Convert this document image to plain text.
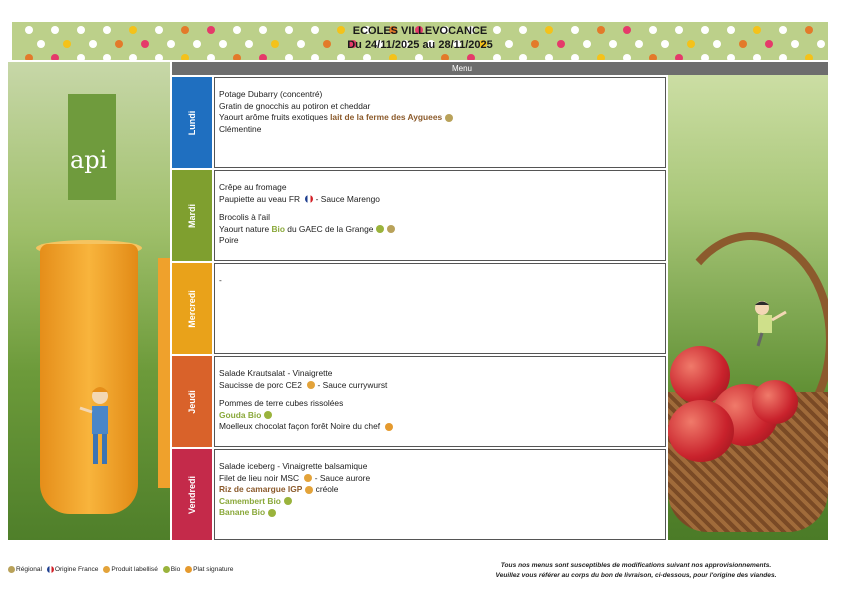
ECOLES VILLEVOCANCE
Du 24/11/2025 au 28/11/2025
api
Menu
Lundi
Potage Dubarry (concentré)
Gratin de gnocchis au potiron et cheddar
Yaourt arôme fruits exotiques lait de la ferme des Ayguees
Clémentine
Mardi
Crêpe au fromage
Paupiette au veau FR  - Sauce Marengo
Brocolis à l'ail
Yaourt nature Bio du GAEC de la Grange
Poire
Mercredi
-
Jeudi
Salade Krautsalat - Vinaigrette
Saucisse de porc CE2  - Sauce currywurst
Pommes de terre cubes rissolées
Gouda Bio
Moelleux chocolat façon forêt Noire du chef
Vendredi
Salade iceberg - Vinaigrette balsamique
Filet de lieu noir MSC  - Sauce aurore
Riz de camargue IGP créole
Camembert Bio
Banane Bio
Régional Origine France Produit labellisé Bio Plat signature
Tous nos menus sont susceptibles de modifications suivant nos approvisionnements.
Veuillez vous référer au corps du bon de livraison, ci-dessous, pour l'origine des viandes.
